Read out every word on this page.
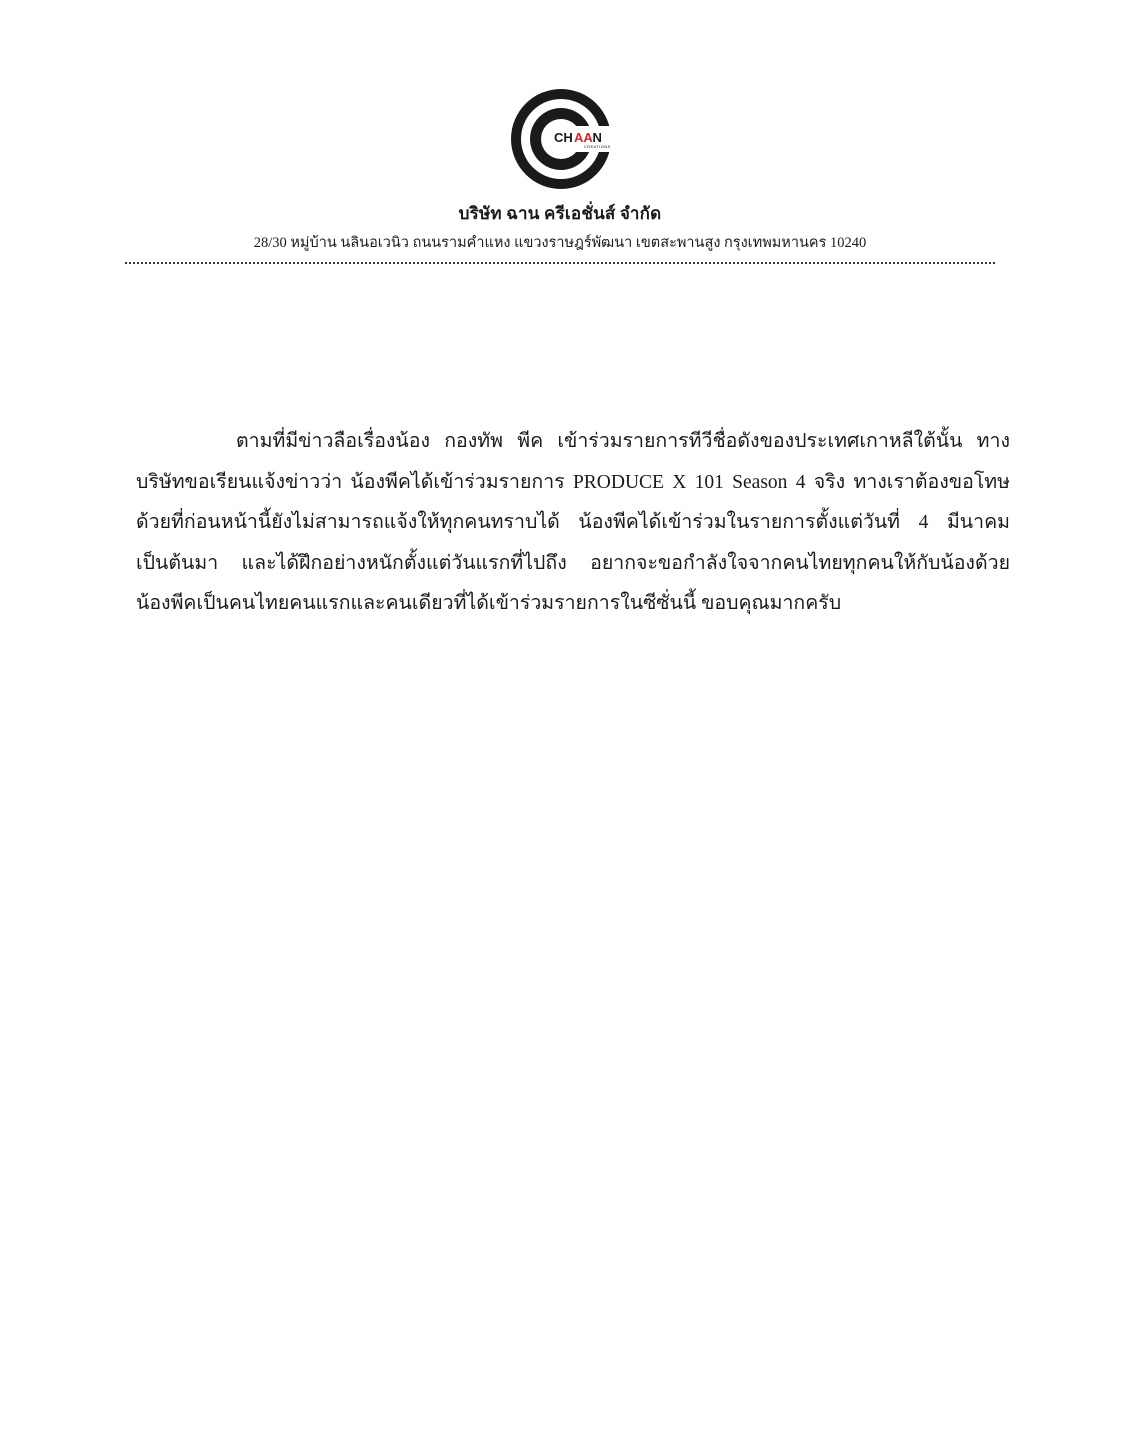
CH AA N
CREATIONS
บริษัท ฉาน ครีเอชั่นส์ จำกัด
28/30 หมู่บ้าน นลินอเวนิว ถนนรามคำแหง แขวงราษฎร์พัฒนา เขตสะพานสูง กรุงเทพมหานคร 10240

ตามที่มีข่าวลือเรื่องน้อง กองทัพ พีค เข้าร่วมรายการทีวีชื่อดังของประเทศเกาหลีใต้นั้น ทางบริษัทขอเรียนแจ้งข่าวว่า น้องพีคได้เข้าร่วมรายการ PRODUCE X 101 Season 4 จริง ทางเราต้องขอโทษด้วยที่ก่อนหน้านี้ยังไม่สามารถแจ้งให้ทุกคนทราบได้ น้องพีคได้เข้าร่วมในรายการตั้งแต่วันที่ 4 มีนาคมเป็นต้นมา และได้ฝึกอย่างหนักตั้งแต่วันแรกที่ไปถึง อยากจะขอกำลังใจจากคนไทยทุกคนให้กับน้องด้วย น้องพีคเป็นคนไทยคนแรกและคนเดียวที่ได้เข้าร่วมรายการในซีซั่นนี้ ขอบคุณมากครับ
